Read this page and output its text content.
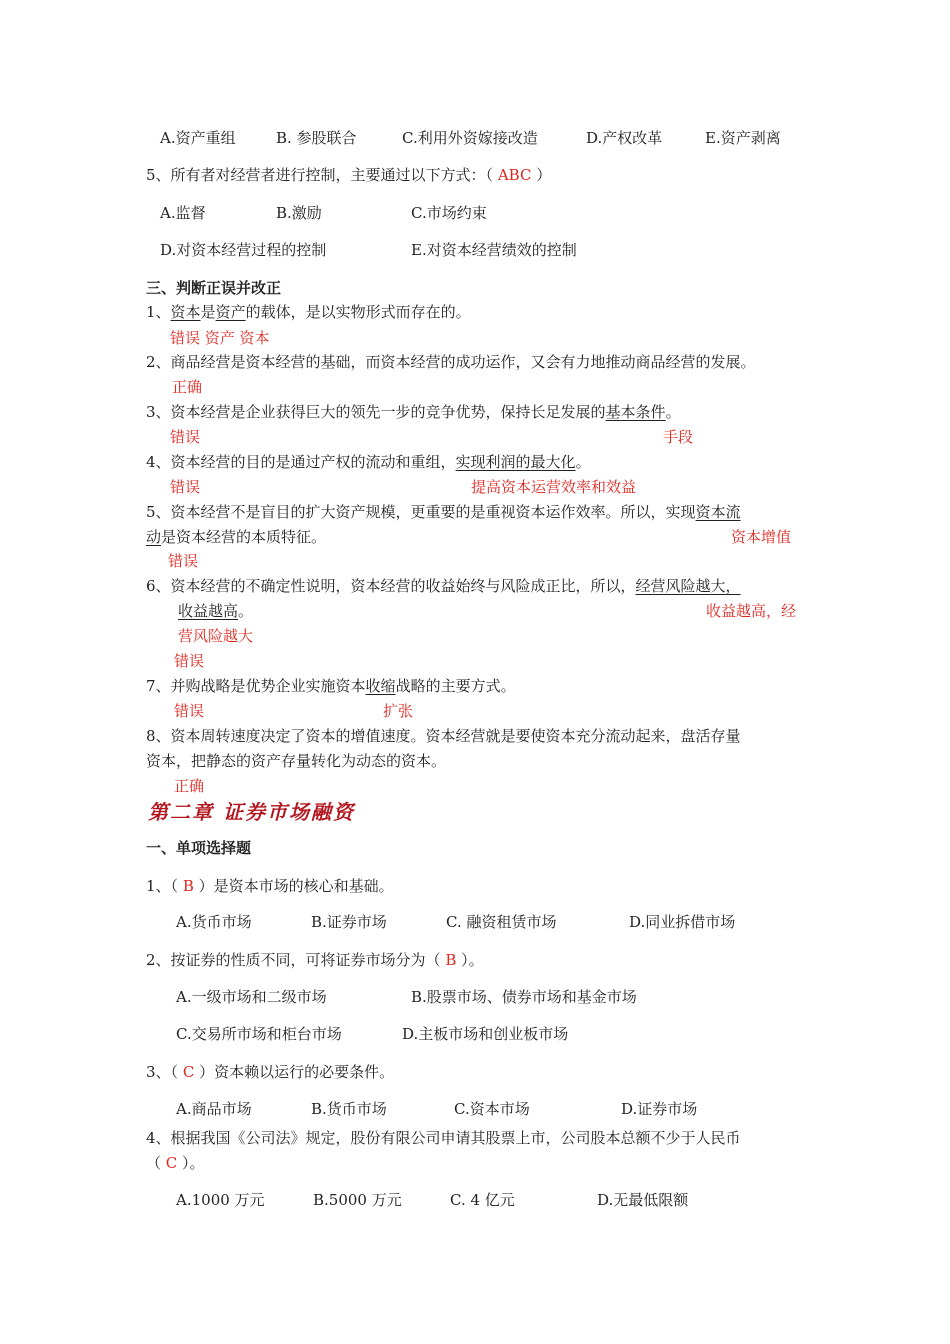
A.资产重组	B. 参股联合	C.利用外资嫁接改造	D.产权改革	E.资产剥离
5、所有者对经营者进行控制，主要通过以下方式：（ ABC ）
A.监督	B.激励	C.市场约束
D.对资本经营过程的控制	E.对资本经营绩效的控制
三、判断正误并改正
1、资本是资产的载体，是以实物形式而存在的。
错误 资产 资本
2、商品经营是资本经营的基础，而资本经营的成功运作，又会有力地推动商品经营的发展。
正确
3、资本经营是企业获得巨大的领先一步的竞争优势，保持长足发展的基本条件。
错误	手段
4、资本经营的目的是通过产权的流动和重组，实现利润的最大化。
错误	提高资本运营效率和效益
5、资本经营不是盲目的扩大资产规模，更重要的是重视资本运作效率。所以，实现资本流
动是资本经营的本质特征。	资本增值
错误
6、资本经营的不确定性说明，资本经营的收益始终与风险成正比，所以，经营风险越大，
收益越高。	收益越高，经
营风险越大
错误
7、并购战略是优势企业实施资本收缩战略的主要方式。
错误	扩张
8、资本周转速度决定了资本的增值速度。资本经营就是要使资本充分流动起来，盘活存量
资本，把静态的资产存量转化为动态的资本。
正确
第二章 证券市场融资
一、单项选择题
1、（ B ）是资本市场的核心和基础。
A.货币市场	B.证券市场	C. 融资租赁市场	D.同业拆借市场
2、按证券的性质不同，可将证券市场分为（ B ）。
A.一级市场和二级市场	B.股票市场、债券市场和基金市场
C.交易所市场和柜台市场	D.主板市场和创业板市场
3、（ C ）资本赖以运行的必要条件。
A.商品市场	B.货币市场	C.资本市场	D.证券市场
4、根据我国《公司法》规定，股份有限公司申请其股票上市，公司股本总额不少于人民币
（ C ）。
A.1000 万元	B.5000 万元	C. 4 亿元	D.无最低限额
